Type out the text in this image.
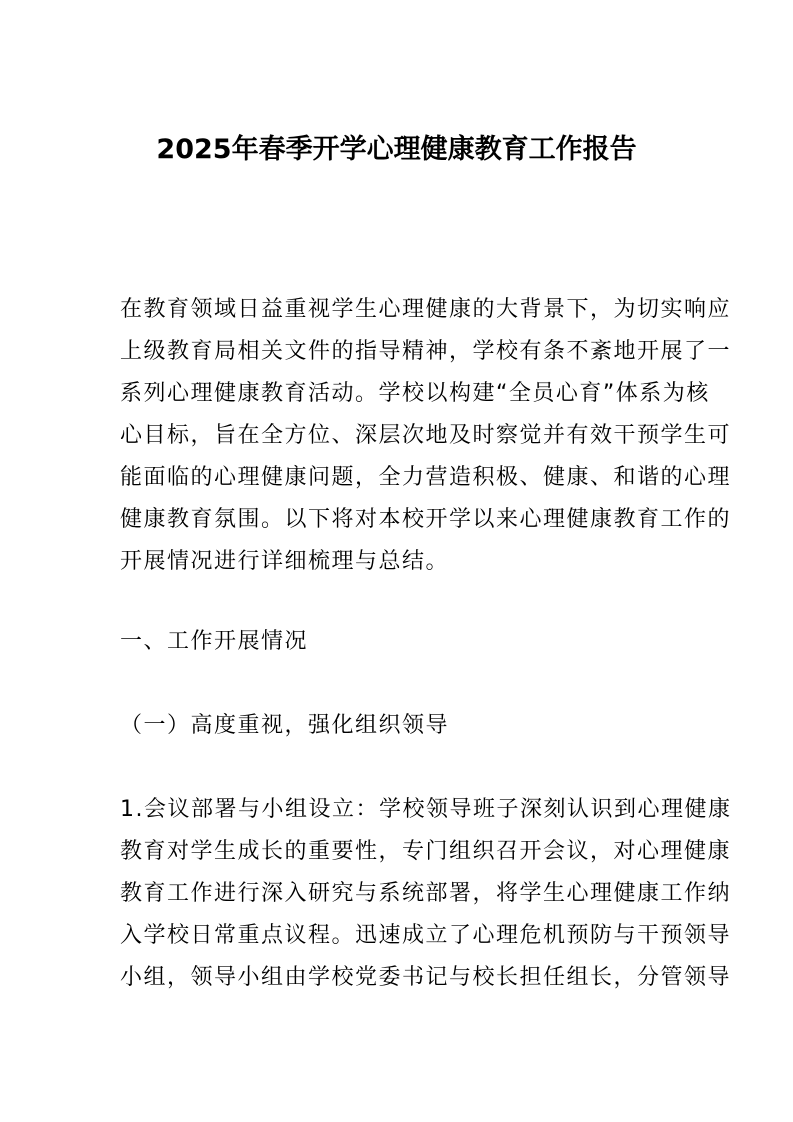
2025年春季开学心理健康教育工作报告
在教育领域日益重视学生心理健康的大背景下，为切实响应
上级教育局相关文件的指导精神，学校有条不紊地开展了一
系列心理健康教育活动。学校以构建“全员心育”体系为核
心目标，旨在全方位、深层次地及时察觉并有效干预学生可
能面临的心理健康问题，全力营造积极、健康、和谐的心理
健康教育氛围。以下将对本校开学以来心理健康教育工作的
开展情况进行详细梳理与总结。
一、工作开展情况
（一）高度重视，强化组织领导
1.会议部署与小组设立：学校领导班子深刻认识到心理健康
教育对学生成长的重要性，专门组织召开会议，对心理健康
教育工作进行深入研究与系统部署，将学生心理健康工作纳
入学校日常重点议程。迅速成立了心理危机预防与干预领导
小组，领导小组由学校党委书记与校长担任组长，分管领导
